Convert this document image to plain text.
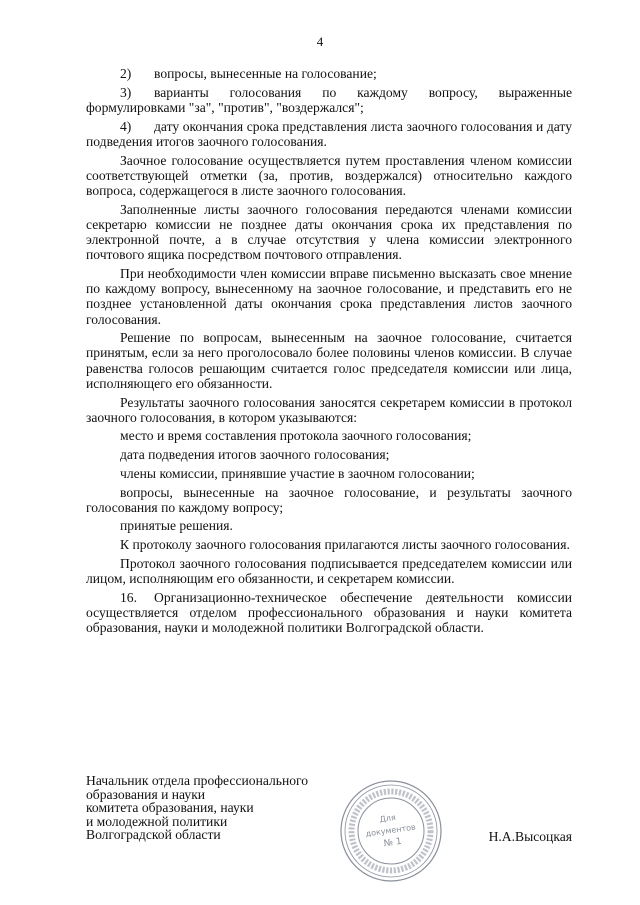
4

2) вопросы, вынесенные на голосование;

3) варианты голосования по каждому вопросу, выраженные формулировками "за", "против", "воздержался";

4) дату окончания срока представления листа заочного голосования и дату подведения итогов заочного голосования.

Заочное голосование осуществляется путем проставления членом комиссии соответствующей отметки (за, против, воздержался) относительно каждого вопроса, содержащегося в листе заочного голосования.

Заполненные листы заочного голосования передаются членами комиссии секретарю комиссии не позднее даты окончания срока их представления по электронной почте, а в случае отсутствия у члена комиссии электронного почтового ящика посредством почтового отправления.

При необходимости член комиссии вправе письменно высказать свое мнение по каждому вопросу, вынесенному на заочное голосование, и представить его не позднее установленной даты окончания срока представления листов заочного голосования.

Решение по вопросам, вынесенным на заочное голосование, считается принятым, если за него проголосовало более половины членов комиссии. В случае равенства голосов решающим считается голос председателя комиссии или лица, исполняющего его обязанности.

Результаты заочного голосования заносятся секретарем комиссии в протокол заочного голосования, в котором указываются:

место и время составления протокола заочного голосования;

дата подведения итогов заочного голосования;

члены комиссии, принявшие участие в заочном голосовании;

вопросы, вынесенные на заочное голосование, и результаты заочного голосования по каждому вопросу;

принятые решения.

К протоколу заочного голосования прилагаются листы заочного голосования.

Протокол заочного голосования подписывается председателем комиссии или лицом, исполняющим его обязанности, и секретарем комиссии.

16. Организационно-техническое обеспечение деятельности комиссии осуществляется отделом профессионального образования и науки комитета образования, науки и молодежной политики Волгоградской области.

Начальник отдела профессионального
образования и науки
комитета образования, науки
и молодежной политики
Волгоградской области
Для
документов
№ 1	Н.А.Высоцкая
